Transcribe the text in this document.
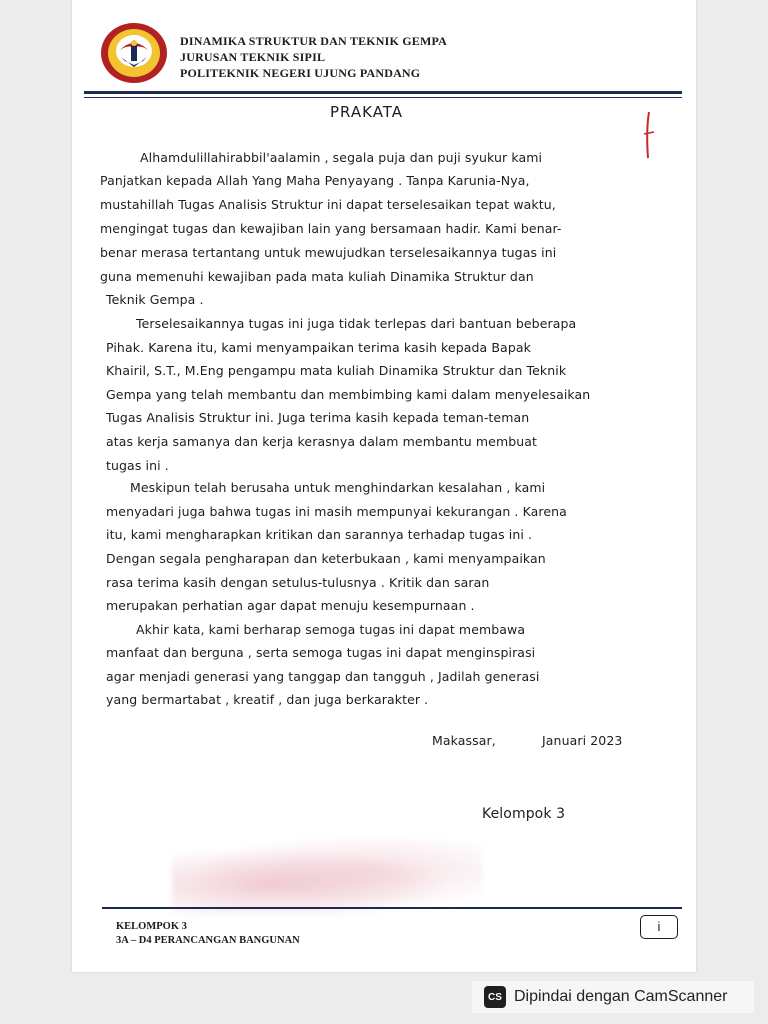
DINAMIKA STRUKTUR DAN TEKNIK GEMPA
JURUSAN TEKNIK SIPIL
POLITEKNIK NEGERI UJUNG PANDANG
PRAKATA
Alhamdulillahirabbil'aalamin , segala puja dan puji syukur kami
Panjatkan kepada Allah Yang Maha Penyayang . Tanpa Karunia-Nya,
mustahillah Tugas Analisis Struktur ini dapat terselesaikan tepat waktu,
mengingat tugas dan kewajiban lain yang bersamaan hadir. Kami benar-
benar merasa tertantang untuk mewujudkan terselesaikannya tugas ini
guna memenuhi kewajiban pada mata kuliah Dinamika Struktur dan
Teknik Gempa .
Terselesaikannya tugas ini juga tidak terlepas dari bantuan beberapa
Pihak. Karena itu, kami menyampaikan terima kasih kepada Bapak
Khairil, S.T., M.Eng pengampu mata kuliah Dinamika Struktur dan Teknik
Gempa yang telah membantu dan membimbing kami dalam menyelesaikan
Tugas Analisis Struktur ini. Juga terima kasih kepada teman-teman
atas kerja samanya dan kerja kerasnya dalam membantu membuat
tugas ini .
Meskipun telah berusaha untuk menghindarkan kesalahan , kami
menyadari juga bahwa tugas ini masih mempunyai kekurangan . Karena
itu, kami mengharapkan kritikan dan sarannya terhadap tugas ini .
Dengan segala pengharapan dan keterbukaan , kami menyampaikan
rasa terima kasih dengan setulus-tulusnya . Kritik dan saran
merupakan perhatian agar dapat menuju kesempurnaan .
Akhir kata, kami berharap semoga tugas ini dapat membawa
manfaat dan berguna , serta semoga tugas ini dapat menginspirasi
agar menjadi generasi yang tanggap dan tangguh , Jadilah generasi
yang bermartabat , kreatif , dan juga berkarakter .
Makassar,	Januari 2023
Kelompok 3
KELOMPOK 3
3A – D4 PERANCANGAN BANGUNAN
i
CS Dipindai dengan CamScanner
